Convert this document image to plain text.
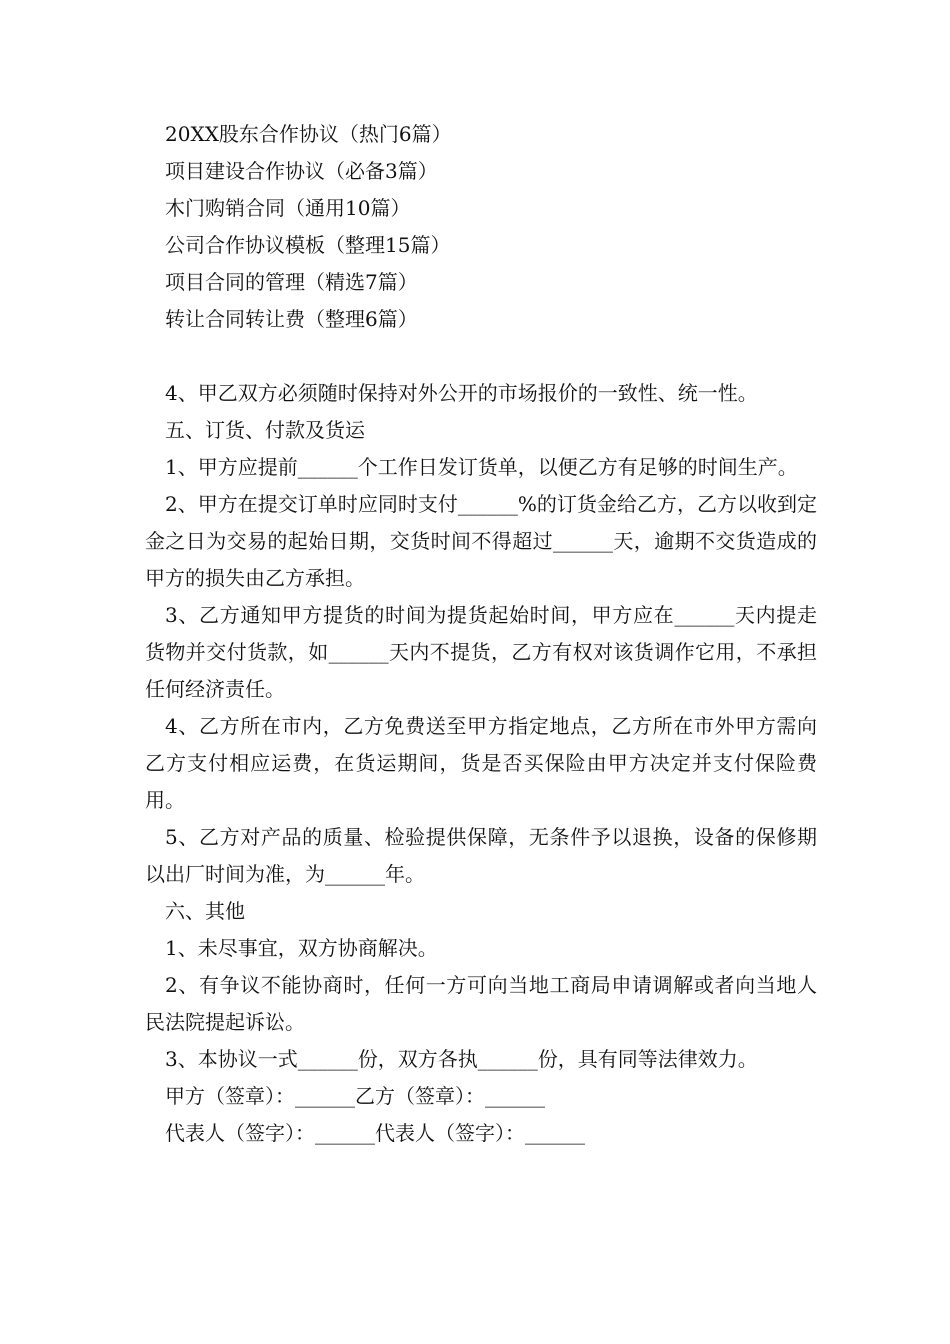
20XX股东合作协议（热门6篇）
项目建设合作协议（必备3篇）
木门购销合同（通用10篇）
公司合作协议模板（整理15篇）
项目合同的管理（精选7篇）
转让合同转让费（整理6篇）

4、甲乙双方必须随时保持对外公开的市场报价的一致性、统一性。

五、订货、付款及货运

1、甲方应提前______个工作日发订货单，以便乙方有足够的时间生产。

2、甲方在提交订单时应同时支付______%的订货金给乙方，乙方以收到定金之日为交易的起始日期，交货时间不得超过______天，逾期不交货造成的甲方的损失由乙方承担。

3、乙方通知甲方提货的时间为提货起始时间，甲方应在______天内提走货物并交付货款，如______天内不提货，乙方有权对该货调作它用，不承担任何经济责任。

4、乙方所在市内，乙方免费送至甲方指定地点，乙方所在市外甲方需向乙方支付相应运费，在货运期间，货是否买保险由甲方决定并支付保险费用。

5、乙方对产品的质量、检验提供保障，无条件予以退换，设备的保修期以出厂时间为准，为______年。

六、其他

1、未尽事宜，双方协商解决。

2、有争议不能协商时，任何一方可向当地工商局申请调解或者向当地人民法院提起诉讼。

3、本协议一式______份，双方各执______份，具有同等法律效力。

甲方（签章）：______乙方（签章）：______

代表人（签字）：______代表人（签字）：______
